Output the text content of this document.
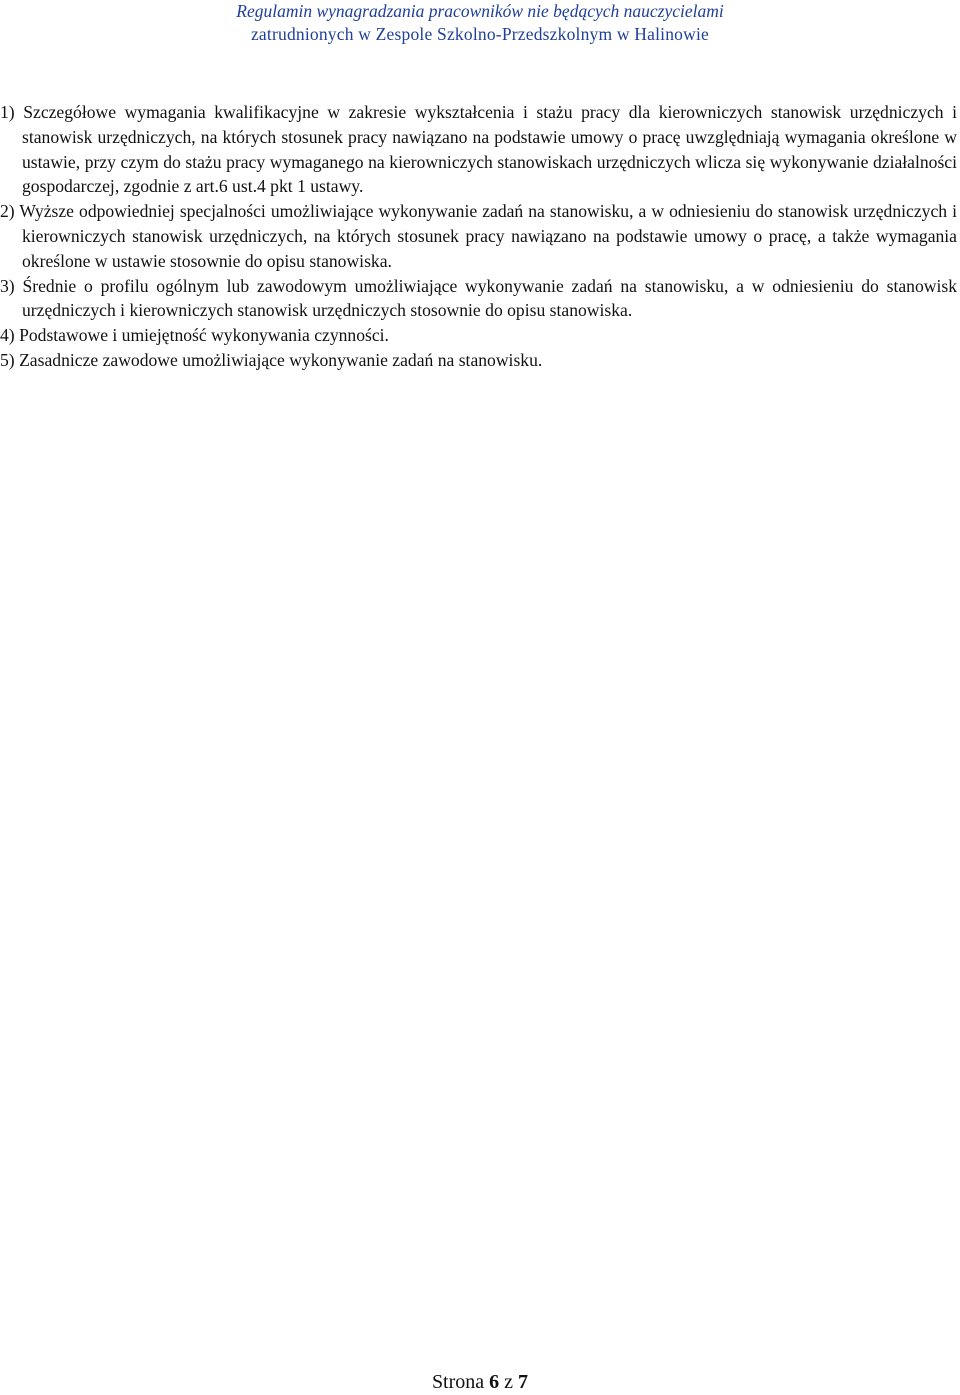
Regulamin wynagradzania pracowników nie będących nauczycielami
zatrudnionych w Zespole Szkolno-Przedszkolnym w Halinowie

1) Szczegółowe wymagania kwalifikacyjne w zakresie wykształcenia i stażu pracy dla kierowniczych stanowisk urzędniczych i stanowisk urzędniczych, na których stosunek pracy nawiązano na podstawie umowy o pracę uwzględniają wymagania określone w ustawie, przy czym do stażu pracy wymaganego na kierowniczych stanowiskach urzędniczych wlicza się wykonywanie działalności gospodarczej, zgodnie z art.6 ust.4 pkt 1 ustawy.

2) Wyższe odpowiedniej specjalności umożliwiające wykonywanie zadań na stanowisku, a w odniesieniu do stanowisk urzędniczych i kierowniczych stanowisk urzędniczych, na których stosunek pracy nawiązano na podstawie umowy o pracę, a także wymagania określone w ustawie stosownie do opisu stanowiska.

3) Średnie o profilu ogólnym lub zawodowym umożliwiające wykonywanie zadań na stanowisku, a w odniesieniu do stanowisk urzędniczych i kierowniczych stanowisk urzędniczych stosownie do opisu stanowiska.

4) Podstawowe i umiejętność wykonywania czynności.

5) Zasadnicze zawodowe umożliwiające wykonywanie zadań na stanowisku.

Strona 6 z 7
